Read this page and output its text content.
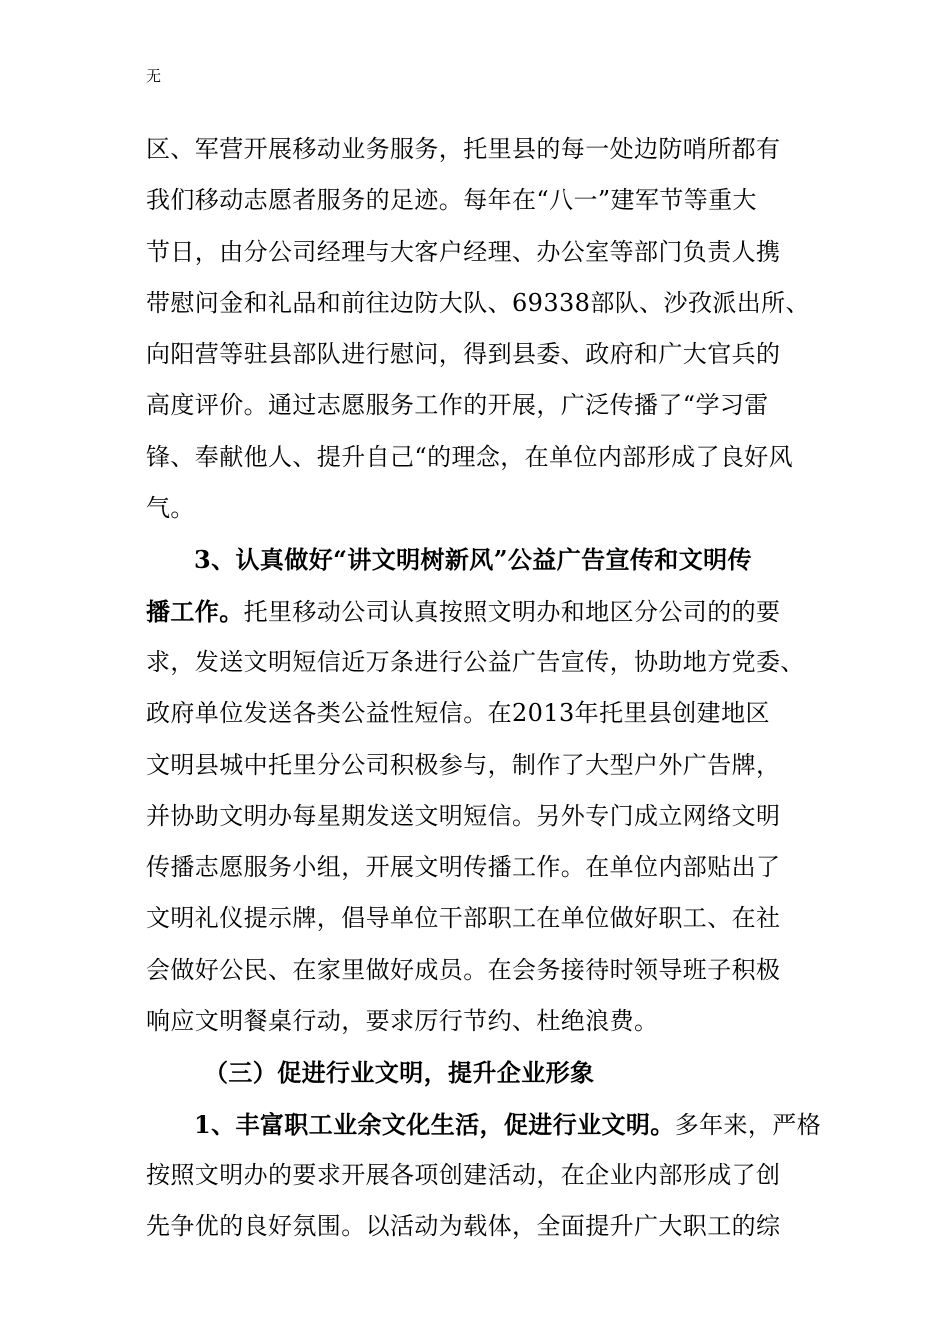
无
区、军营开展移动业务服务，托里县的每一处边防哨所都有
我们移动志愿者服务的足迹。每年在“八一”建军节等重大
节日，由分公司经理与大客户经理、办公室等部门负责人携
带慰问金和礼品和前往边防大队、69338部队、沙孜派出所、
向阳营等驻县部队进行慰问，得到县委、政府和广大官兵的
高度评价。通过志愿服务工作的开展，广泛传播了“学习雷
锋、奉献他人、提升自己“的理念，在单位内部形成了良好风
气。
3、认真做好“讲文明树新风”公益广告宣传和文明传
播工作。托里移动公司认真按照文明办和地区分公司的的要
求，发送文明短信近万条进行公益广告宣传，协助地方党委、
政府单位发送各类公益性短信。在2013年托里县创建地区
文明县城中托里分公司积极参与，制作了大型户外广告牌，
并协助文明办每星期发送文明短信。另外专门成立网络文明
传播志愿服务小组，开展文明传播工作。在单位内部贴出了
文明礼仪提示牌，倡导单位干部职工在单位做好职工、在社
会做好公民、在家里做好成员。在会务接待时领导班子积极
响应文明餐桌行动，要求厉行节约、杜绝浪费。
（三）促进行业文明，提升企业形象
1、丰富职工业余文化生活，促进行业文明。多年来，严格
按照文明办的要求开展各项创建活动，在企业内部形成了创
先争优的良好氛围。以活动为载体，全面提升广大职工的综
